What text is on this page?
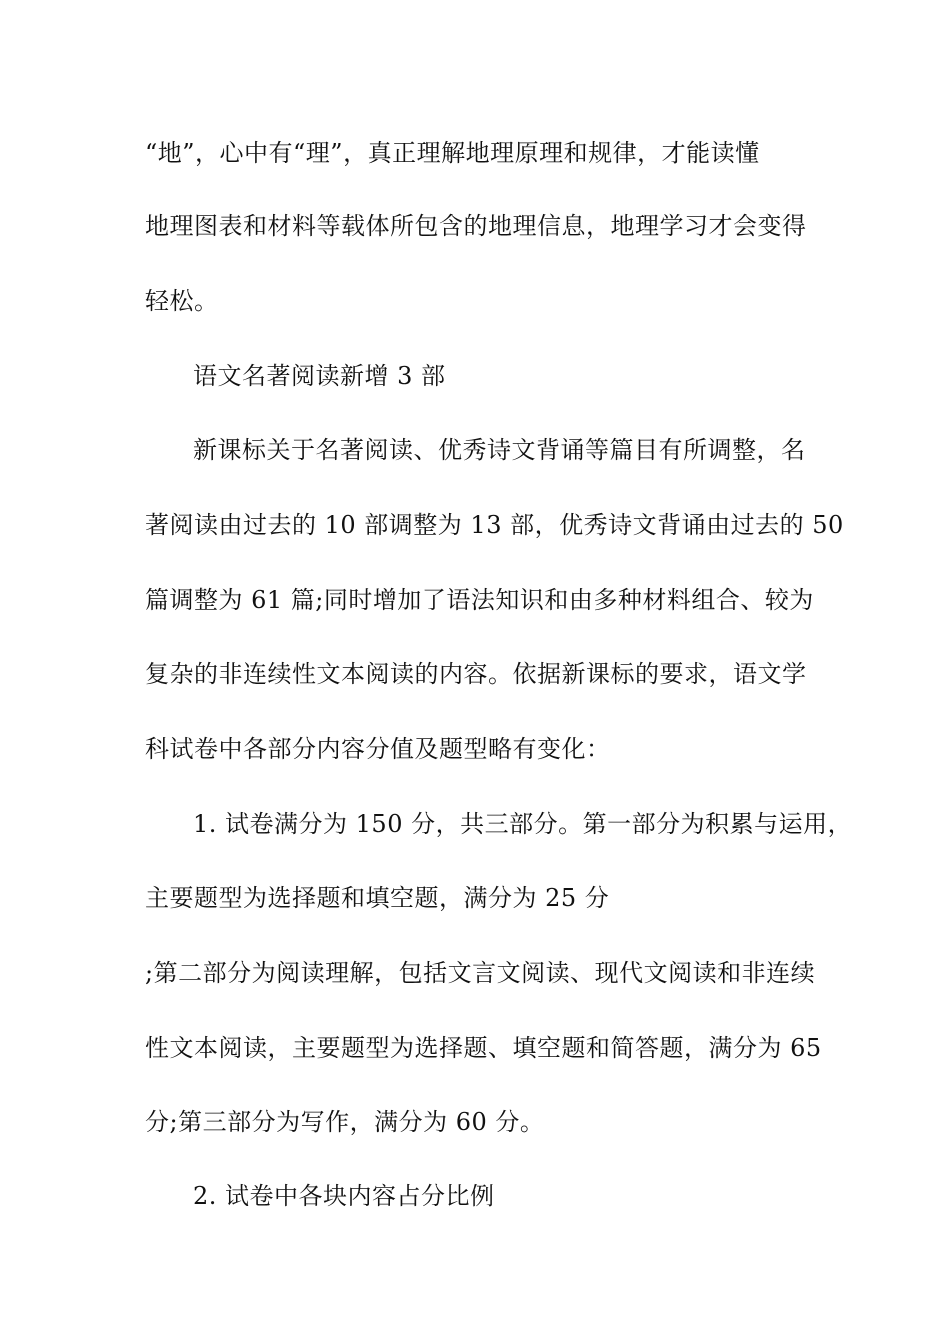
“地”，心中有“理”，真正理解地理原理和规律，才能读懂
地理图表和材料等载体所包含的地理信息，地理学习才会变得
轻松。
语文名著阅读新增 3 部
新课标关于名著阅读、优秀诗文背诵等篇目有所调整，名
著阅读由过去的 10 部调整为 13 部，优秀诗文背诵由过去的 50
篇调整为 61 篇;同时增加了语法知识和由多种材料组合、较为
复杂的非连续性文本阅读的内容。依据新课标的要求，语文学
科试卷中各部分内容分值及题型略有变化：
1. 试卷满分为 150 分，共三部分。第一部分为积累与运用，
主要题型为选择题和填空题，满分为 25 分
;第二部分为阅读理解，包括文言文阅读、现代文阅读和非连续
性文本阅读，主要题型为选择题、填空题和简答题，满分为 65
分;第三部分为写作，满分为 60 分。
2. 试卷中各块内容占分比例
